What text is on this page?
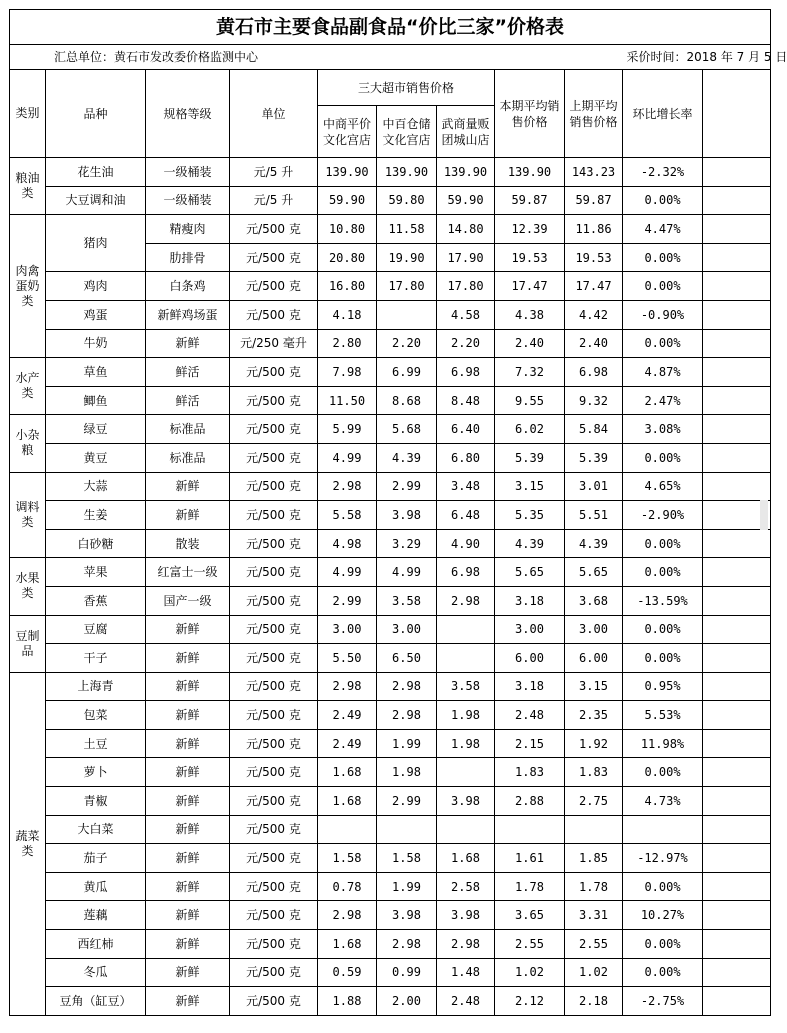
黄石市主要食品副食品“价比三家”价格表										
汇总单位：黄石市发改委价格监测中心						采价时间：2018 年 7 月 5 日				
类别	品种	规格等级	单位	三大超市销售价格			本期平均销售价格	上期平均销售价格	环比增长率	
				中商平价文化宫店	中百仓储文化宫店	武商量贩团城山店				
粮油类	花生油	一级桶装	元/5 升	139.90	139.90	139.90	139.90	143.23	-2.32%	
	大豆调和油	一级桶装	元/5 升	59.90	59.80	59.90	59.87	59.87	0.00%	
肉禽蛋奶类	猪肉	精瘦肉	元/500 克	10.80	11.58	14.80	12.39	11.86	4.47%	
		肋排骨	元/500 克	20.80	19.90	17.90	19.53	19.53	0.00%	
	鸡肉	白条鸡	元/500 克	16.80	17.80	17.80	17.47	17.47	0.00%	
	鸡蛋	新鲜鸡场蛋	元/500 克	4.18		4.58	4.38	4.42	-0.90%	
	牛奶	新鲜	元/250 毫升	2.80	2.20	2.20	2.40	2.40	0.00%	
水产类	草鱼	鲜活	元/500 克	7.98	6.99	6.98	7.32	6.98	4.87%	
	鲫鱼	鲜活	元/500 克	11.50	8.68	8.48	9.55	9.32	2.47%	
小杂粮	绿豆	标准品	元/500 克	5.99	5.68	6.40	6.02	5.84	3.08%	
	黄豆	标准品	元/500 克	4.99	4.39	6.80	5.39	5.39	0.00%	
调料类	大蒜	新鲜	元/500 克	2.98	2.99	3.48	3.15	3.01	4.65%	
	生姜	新鲜	元/500 克	5.58	3.98	6.48	5.35	5.51	-2.90%	
	白砂糖	散装	元/500 克	4.98	3.29	4.90	4.39	4.39	0.00%	
水果类	苹果	红富士一级	元/500 克	4.99	4.99	6.98	5.65	5.65	0.00%	
	香蕉	国产一级	元/500 克	2.99	3.58	2.98	3.18	3.68	-13.59%	
豆制品	豆腐	新鲜	元/500 克	3.00	3.00		3.00	3.00	0.00%	
	干子	新鲜	元/500 克	5.50	6.50		6.00	6.00	0.00%	
蔬菜类	上海青	新鲜	元/500 克	2.98	2.98	3.58	3.18	3.15	0.95%	
	包菜	新鲜	元/500 克	2.49	2.98	1.98	2.48	2.35	5.53%	
	土豆	新鲜	元/500 克	2.49	1.99	1.98	2.15	1.92	11.98%	
	萝卜	新鲜	元/500 克	1.68	1.98		1.83	1.83	0.00%	
	青椒	新鲜	元/500 克	1.68	2.99	3.98	2.88	2.75	4.73%	
	大白菜	新鲜	元/500 克							
	茄子	新鲜	元/500 克	1.58	1.58	1.68	1.61	1.85	-12.97%	
	黄瓜	新鲜	元/500 克	0.78	1.99	2.58	1.78	1.78	0.00%	
	莲藕	新鲜	元/500 克	2.98	3.98	3.98	3.65	3.31	10.27%	
	西红柿	新鲜	元/500 克	1.68	2.98	2.98	2.55	2.55	0.00%	
	冬瓜	新鲜	元/500 克	0.59	0.99	1.48	1.02	1.02	0.00%	
	豆角（缸豆）	新鲜	元/500 克	1.88	2.00	2.48	2.12	2.18	-2.75%	
